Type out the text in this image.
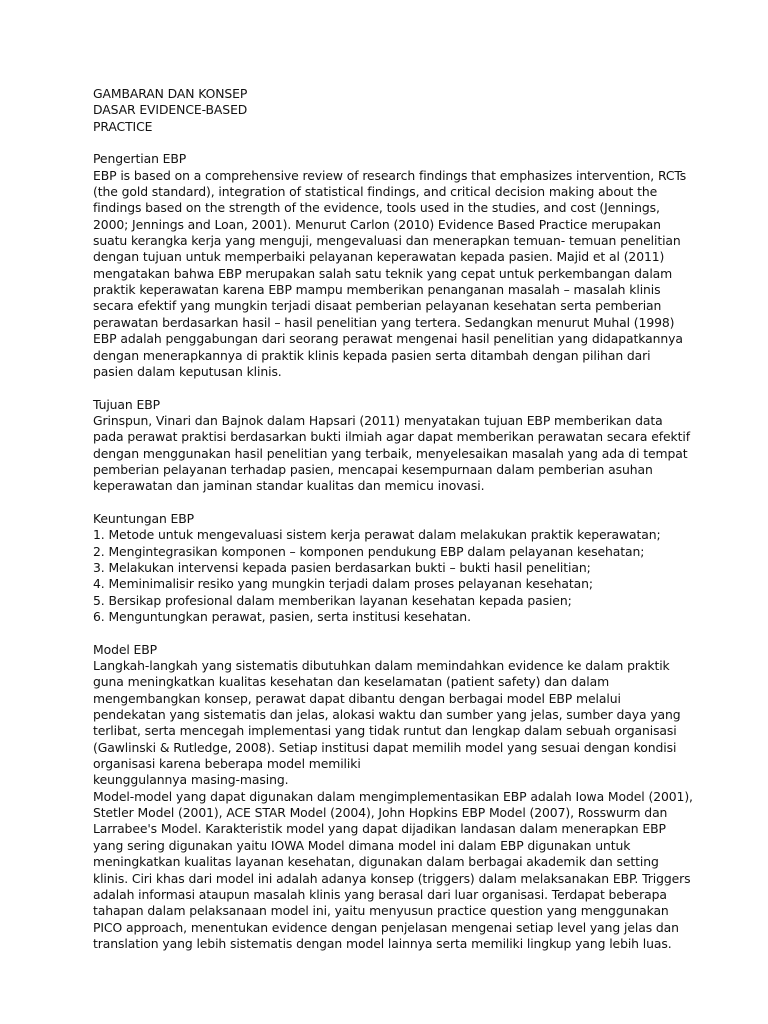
GAMBARAN DAN KONSEP
DASAR EVIDENCE-BASED
PRACTICE
Pengertian EBP

EBP is based on a comprehensive review of research findings that emphasizes intervention, RCTs (the gold standard), integration of statistical findings, and critical decision making about the findings based on the strength of the evidence, tools used in the studies, and cost (Jennings, 2000; Jennings and Loan, 2001). Menurut Carlon (2010) Evidence Based Practice merupakan suatu kerangka kerja yang menguji, mengevaluasi dan menerapkan temuan- temuan penelitian dengan tujuan untuk memperbaiki pelayanan keperawatan kepada pasien. Majid et al (2011) mengatakan bahwa EBP merupakan salah satu teknik yang cepat untuk perkembangan dalam praktik keperawatan karena EBP mampu memberikan penanganan masalah – masalah klinis secara efektif yang mungkin terjadi disaat pemberian pelayanan kesehatan serta pemberian perawatan berdasarkan hasil – hasil penelitian yang tertera. Sedangkan menurut Muhal (1998) EBP adalah penggabungan dari seorang perawat mengenai hasil penelitian yang didapatkannya dengan menerapkannya di praktik klinis kepada pasien serta ditambah dengan pilihan dari pasien dalam keputusan klinis.

Tujuan EBP

Grinspun, Vinari dan Bajnok dalam Hapsari (2011) menyatakan tujuan EBP memberikan data pada perawat praktisi berdasarkan bukti ilmiah agar dapat memberikan perawatan secara efektif dengan menggunakan hasil penelitian yang terbaik, menyelesaikan masalah yang ada di tempat pemberian pelayanan terhadap pasien, mencapai kesempurnaan dalam pemberian asuhan keperawatan dan jaminan standar kualitas dan memicu inovasi.

Keuntungan EBP
1. Metode untuk mengevaluasi sistem kerja perawat dalam melakukan praktik keperawatan;
2. Mengintegrasikan komponen – komponen pendukung EBP dalam pelayanan kesehatan;
3. Melakukan intervensi kepada pasien berdasarkan bukti – bukti hasil penelitian;
4. Meminimalisir resiko yang mungkin terjadi dalam proses pelayanan kesehatan;
5. Bersikap profesional dalam memberikan layanan kesehatan kepada pasien;
6. Menguntungkan perawat, pasien, serta institusi kesehatan.
Model EBP

Langkah-langkah yang sistematis dibutuhkan dalam memindahkan evidence ke dalam praktik guna meningkatkan kualitas kesehatan dan keselamatan (patient safety) dan dalam mengembangkan konsep, perawat dapat dibantu dengan berbagai model EBP melalui pendekatan yang sistematis dan jelas, alokasi waktu dan sumber yang jelas, sumber daya yang terlibat, serta mencegah implementasi yang tidak runtut dan lengkap dalam sebuah organisasi (Gawlinski & Rutledge, 2008). Setiap institusi dapat memilih model yang sesuai dengan kondisi organisasi karena beberapa model memiliki

keunggulannya masing-masing.

Model-model yang dapat digunakan dalam mengimplementasikan EBP adalah Iowa Model (2001), Stetler Model (2001), ACE STAR Model (2004), John Hopkins EBP Model (2007), Rosswurm dan Larrabee's Model. Karakteristik model yang dapat dijadikan landasan dalam menerapkan EBP yang sering digunakan yaitu IOWA Model dimana model ini dalam EBP digunakan untuk meningkatkan kualitas layanan kesehatan, digunakan dalam berbagai akademik dan setting klinis. Ciri khas dari model ini adalah adanya konsep (triggers) dalam melaksanakan EBP. Triggers adalah informasi ataupun masalah klinis yang berasal dari luar organisasi. Terdapat beberapa tahapan dalam pelaksanaan model ini, yaitu menyusun practice question yang menggunakan PICO approach, menentukan evidence dengan penjelasan mengenai setiap level yang jelas dan translation yang lebih sistematis dengan model lainnya serta memiliki lingkup yang lebih luas.
